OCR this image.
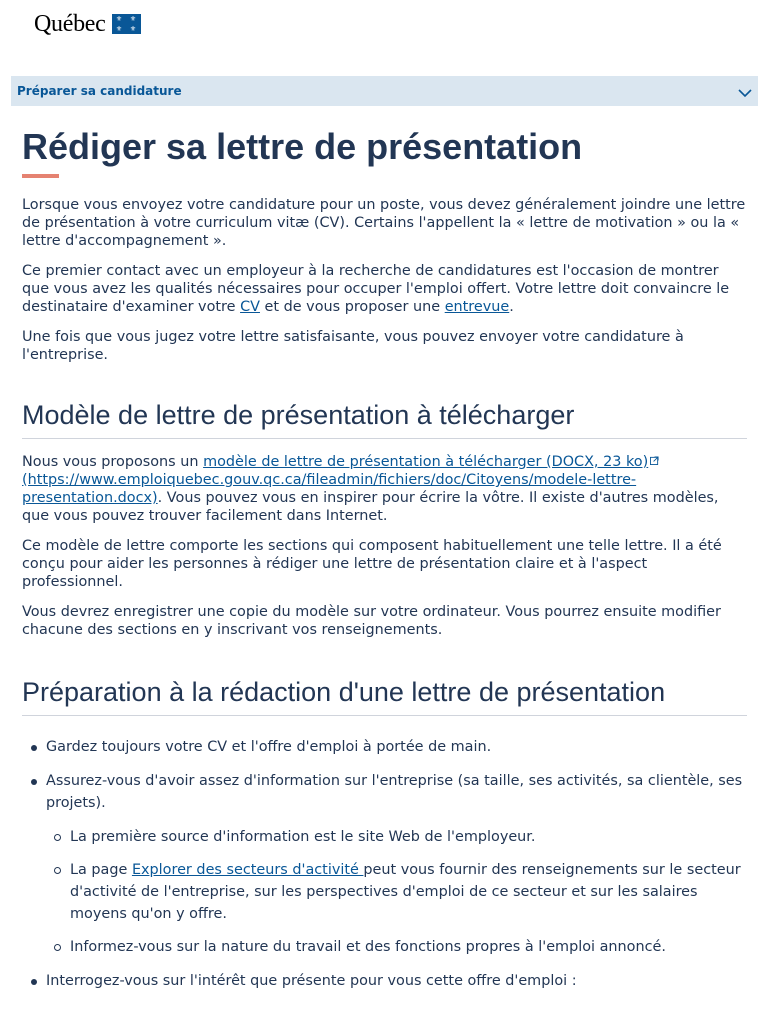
Québec	⚜	⚜
⚜	⚜
Préparer sa candidature
Rédiger sa lettre de présentation

Lorsque vous envoyez votre candidature pour un poste, vous devez généralement joindre une lettre de présentation à votre curriculum vitæ (CV). Certains l'appellent la « lettre de motivation » ou la « lettre d'accompagnement ».

Ce premier contact avec un employeur à la recherche de candidatures est l'occasion de montrer que vous avez les qualités nécessaires pour occuper l'emploi offert. Votre lettre doit convaincre le destinataire d'examiner votre CV et de vous proposer une entrevue.

Une fois que vous jugez votre lettre satisfaisante, vous pouvez envoyer votre candidature à l'entreprise.

Modèle de lettre de présentation à télécharger

Nous vous proposons un modèle de lettre de présentation à télécharger (DOCX, 23 ko) (https://www.emploiquebec.gouv.qc.ca/fileadmin/fichiers/doc/Citoyens/modele-lettre-presentation.docx). Vous pouvez vous en inspirer pour écrire la vôtre. Il existe d'autres modèles, que vous pouvez trouver facilement dans Internet.

Ce modèle de lettre comporte les sections qui composent habituellement une telle lettre. Il a été conçu pour aider les personnes à rédiger une lettre de présentation claire et à l'aspect professionnel.

Vous devrez enregistrer une copie du modèle sur votre ordinateur. Vous pourrez ensuite modifier chacune des sections en y inscrivant vos renseignements.

Préparation à la rédaction d'une lettre de présentation
Gardez toujours votre CV et l'offre d'emploi à portée de main.
Assurez-vous d'avoir assez d'information sur l'entreprise (sa taille, ses activités, sa clientèle, ses projets).
La première source d'information est le site Web de l'employeur.
La page Explorer des secteurs d'activité peut vous fournir des renseignements sur le secteur d'activité de l'entreprise, sur les perspectives d'emploi de ce secteur et sur les salaires moyens qu'on y offre.
Informez-vous sur la nature du travail et des fonctions propres à l'emploi annoncé.
Interrogez-vous sur l'intérêt que présente pour vous cette offre d'emploi :
